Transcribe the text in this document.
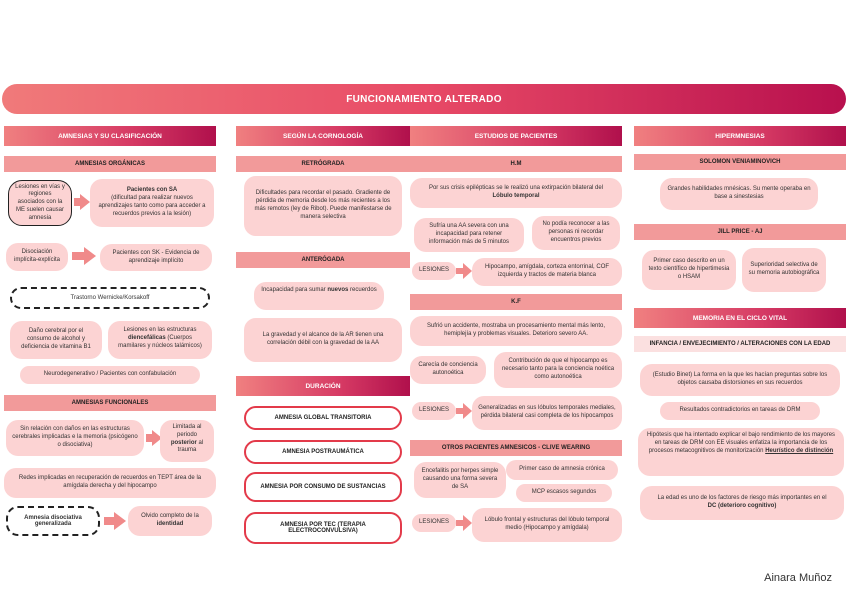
FUNCIONAMIENTO ALTERADO
AMNESIAS Y SU CLASIFICACIÓN
AMNESIAS ORGÁNICAS
Lesiones en vías y regiones asociados con la ME suelen causar amnesia
Pacientes con SA
(dificultad para realizar nuevos aprendizajes tanto como para acceder a recuerdos previos a la lesión)
Disociación implícita-explícita
Pacientes con SK - Evidencia de aprendizaje implícito
Trastorno Wernicke/Korsakoff
Daño cerebral por el consumo de alcohol y deficiencia de vitamina B1
Lesiones en las estructuras diencefálicas (Cuerpos mamilares y núcleos talámicos)
Neurodegenerativo / Pacientes con confabulación
AMNESIAS FUNCIONALES
Sin relación con daños en las estructuras cerebrales implicadas e la memoria (psicógeno o disociativa)
Limitada al periodo posterior al trauma
Redes implicadas en recuperación de recuerdos en TEPT área de la amígdala derecha y del hipocampo
Amnesia disociativa generalizada
Olvido completo de la
identidad
SEGÚN LA CORNOLOGÍA
RETRÓGRADA
Dificultades para recordar el pasado. Gradiente de pérdida de memoria desde los más recientes a los más remotos (ley de Ribot). Puede manifestarse de manera selectiva
ANTERÓGADA
Incapacidad para sumar nuevos recuerdos
La gravedad y el alcance de la AR tienen una correlación débil con la gravedad de la AA
DURACIÓN
AMNESIA GLOBAL TRANSITORIA
AMNESIA POSTRAUMÁTICA
AMNESIA POR CONSUMO DE SUSTANCIAS
AMNESIA POR TEC (TERAPIA ELECTROCONVULSIVA)
ESTUDIOS DE PACIENTES
H.M
Por sus crisis epilépticas se le realizó una extirpación bilateral del
Lóbulo temporal
Sufría una AA severa con una incapacidad para retener información más de 5 minutos
No podía reconocer a las personas ni recordar encuentros previos
LESIONES	Hipocampo, amígdala, corteza entorrinal, COF izquierda y tractos de materia blanca
K.F
Sufrió un accidente, mostraba un procesamiento mental más lento, hemiplejía y problemas visuales. Deterioro severo AA.
Carecía de conciencia autonoética
Contribución de que el hipocampo es necesario tanto para la conciencia noética como autonoética
LESIONES	Generalizadas en sus lóbulos temporales mediales, pérdida bilateral casi completa de los hipocampos
OTROS PACIENTES AMNESICOS - CLIVE WEARING
Encefalitis por herpes simple causando una forma severa de SA
Primer caso de amnesia crónica
MCP escasos segundos
LESIONES	Lóbulo frontal y estructuras del lóbulo temporal medio (Hipocampo y amígdala)
HIPERMNESIAS
SOLOMON VENIAMINOVICH
Grandes habilidades mnésicas. Su mente operaba en base a sinestesias
JILL PRICE - AJ
Primer caso descrito en un texto científico de hipertimesia o HSAM
Superioridad selectiva de su memoria autobiográfica
MEMORIA EN EL CICLO VITAL
INFANCIA / ENVEJECIMIENTO / ALTERACIONES CON LA EDAD
(Estudio Binet) La forma en la que les hacían preguntas sobre los objetos causaba distorsiones en sus recuerdos
Resultados contradictorios en tareas de DRM
Hipótesis que ha intentado explicar el bajo rendimiento de los mayores en tareas de DRM con EE visuales enfatiza la importancia de los procesos metacognitivos de monitorización Heurístico de distinción
La edad es uno de los factores de riesgo más importantes en el
DC (deterioro cognitivo)
Ainara Muñoz
